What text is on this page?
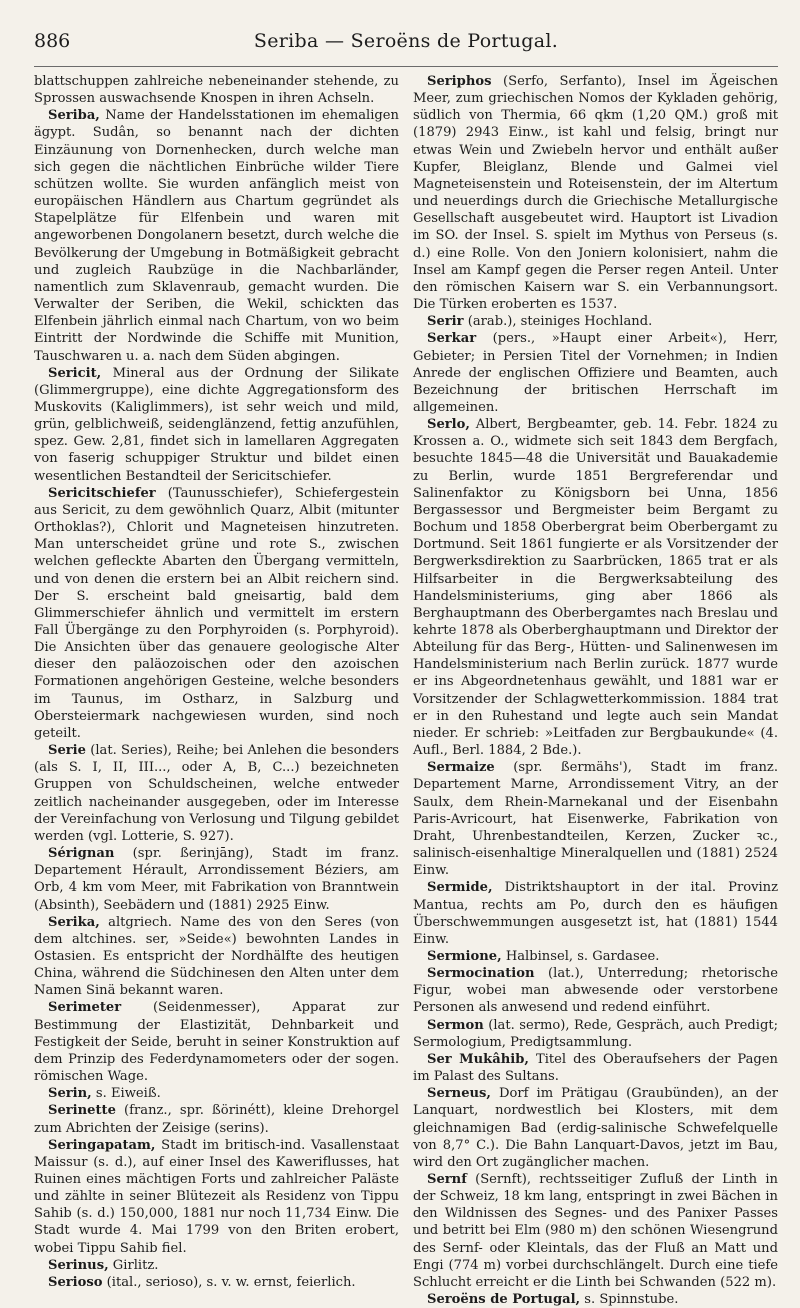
886	Seriba — Seroëns de Portugal.

blattschuppen zahlreiche nebeneinander stehende, zu Sprossen auswachsende Knospen in ihren Achseln.

Seriba, Name der Handelsstationen im ehemaligen ägypt. Sudân, so benannt nach der dichten Einzäunung von Dornenhecken, durch welche man sich gegen die nächtlichen Einbrüche wilder Tiere schützen wollte. Sie wurden anfänglich meist von europäischen Händlern aus Chartum gegründet als Stapelplätze für Elfenbein und waren mit angeworbenen Dongolanern besetzt, durch welche die Bevölkerung der Umgebung in Botmäßigkeit gebracht und zugleich Raubzüge in die Nachbarländer, namentlich zum Sklavenraub, gemacht wurden. Die Verwalter der Seriben, die Wekil, schickten das Elfenbein jährlich einmal nach Chartum, von wo beim Eintritt der Nordwinde die Schiffe mit Munition, Tauschwaren u. a. nach dem Süden abgingen.

Sericit, Mineral aus der Ordnung der Silikate (Glimmergruppe), eine dichte Aggregationsform des Muskovits (Kaliglimmers), ist sehr weich und mild, grün, gelblichweiß, seidenglänzend, fettig anzufühlen, spez. Gew. 2,81, findet sich in lamellaren Aggregaten von faserig schuppiger Struktur und bildet einen wesentlichen Bestandteil der Sericitschiefer.

Sericitschiefer (Taunusschiefer), Schiefergestein aus Sericit, zu dem gewöhnlich Quarz, Albit (mitunter Orthoklas?), Chlorit und Magneteisen hinzutreten. Man unterscheidet grüne und rote S., zwischen welchen gefleckte Abarten den Übergang vermitteln, und von denen die erstern bei an Albit reichern sind. Der S. erscheint bald gneisartig, bald dem Glimmerschiefer ähnlich und vermittelt im erstern Fall Übergänge zu den Porphyroiden (s. Porphyroid). Die Ansichten über das genauere geologische Alter dieser den paläozoischen oder den azoischen Formationen angehörigen Gesteine, welche besonders im Taunus, im Ostharz, in Salzburg und Obersteiermark nachgewiesen wurden, sind noch geteilt.

Serie (lat. Series), Reihe; bei Anlehen die besonders (als S. I, II, III..., oder A, B, C...) bezeichneten Gruppen von Schuldscheinen, welche entweder zeitlich nacheinander ausgegeben, oder im Interesse der Vereinfachung von Verlosung und Tilgung gebildet werden (vgl. Lotterie, S. 927).

Sérignan (spr. ßerinjāng), Stadt im franz. Departement Hérault, Arrondissement Béziers, am Orb, 4 km vom Meer, mit Fabrikation von Branntwein (Absinth), Seebädern und (1881) 2925 Einw.

Serika, altgriech. Name des von den Seres (von dem altchines. ser, »Seide«) bewohnten Landes in Ostasien. Es entspricht der Nordhälfte des heutigen China, während die Südchinesen den Alten unter dem Namen Sinä bekannt waren.

Serimeter (Seidenmesser), Apparat zur Bestimmung der Elastizität, Dehnbarkeit und Festigkeit der Seide, beruht in seiner Konstruktion auf dem Prinzip des Federdynamometers oder der sogen. römischen Wage.

Serin, s. Eiweiß.

Serinette (franz., spr. ßörinétt), kleine Drehorgel zum Abrichten der Zeisige (serins).

Seringapatam, Stadt im britisch-ind. Vasallenstaat Maissur (s. d.), auf einer Insel des Kaweriflusses, hat Ruinen eines mächtigen Forts und zahlreicher Paläste und zählte in seiner Blütezeit als Residenz von Tippu Sahib (s. d.) 150,000, 1881 nur noch 11,734 Einw. Die Stadt wurde 4. Mai 1799 von den Briten erobert, wobei Tippu Sahib fiel.

Serinus, Girlitz.

Serioso (ital., serioso), s. v. w. ernst, feierlich.

Seriphos (Serfo, Serfanto), Insel im Ägeischen Meer, zum griechischen Nomos der Kykladen gehörig, südlich von Thermia, 66 qkm (1,20 QM.) groß mit (1879) 2943 Einw., ist kahl und felsig, bringt nur etwas Wein und Zwiebeln hervor und enthält außer Kupfer, Bleiglanz, Blende und Galmei viel Magneteisenstein und Roteisenstein, der im Altertum und neuerdings durch die Griechische Metallurgische Gesellschaft ausgebeutet wird. Hauptort ist Livadion im SO. der Insel. S. spielt im Mythus von Perseus (s. d.) eine Rolle. Von den Joniern kolonisiert, nahm die Insel am Kampf gegen die Perser regen Anteil. Unter den römischen Kaisern war S. ein Verbannungsort. Die Türken eroberten es 1537.

Serir (arab.), steiniges Hochland.

Serkar (pers., »Haupt einer Arbeit«), Herr, Gebieter; in Persien Titel der Vornehmen; in Indien Anrede der englischen Offiziere und Beamten, auch Bezeichnung der britischen Herrschaft im allgemeinen.

Serlo, Albert, Bergbeamter, geb. 14. Febr. 1824 zu Krossen a. O., widmete sich seit 1843 dem Bergfach, besuchte 1845—48 die Universität und Bauakademie zu Berlin, wurde 1851 Bergreferendar und Salinenfaktor zu Königsborn bei Unna, 1856 Bergassessor und Bergmeister beim Bergamt zu Bochum und 1858 Oberbergrat beim Oberbergamt zu Dortmund. Seit 1861 fungierte er als Vorsitzender der Bergwerksdirektion zu Saarbrücken, 1865 trat er als Hilfsarbeiter in die Bergwerksabteilung des Handelsministeriums, ging aber 1866 als Berghauptmann des Oberbergamtes nach Breslau und kehrte 1878 als Oberberghauptmann und Direktor der Abteilung für das Berg-, Hütten- und Salinenwesen im Handelsministerium nach Berlin zurück. 1877 wurde er ins Abgeordnetenhaus gewählt, und 1881 war er Vorsitzender der Schlagwetterkommission. 1884 trat er in den Ruhestand und legte auch sein Mandat nieder. Er schrieb: »Leitfaden zur Bergbaukunde« (4. Aufl., Berl. 1884, 2 Bde.).

Sermaize (spr. ßermähs'), Stadt im franz. Departement Marne, Arrondissement Vitry, an der Saulx, dem Rhein-Marnekanal und der Eisenbahn Paris-Avricourt, hat Eisenwerke, Fabrikation von Draht, Uhrenbestandteilen, Kerzen, Zucker ꝛc., salinisch-eisenhaltige Mineralquellen und (1881) 2524 Einw.

Sermide, Distriktshauptort in der ital. Provinz Mantua, rechts am Po, durch den es häufigen Überschwemmungen ausgesetzt ist, hat (1881) 1544 Einw.

Sermione, Halbinsel, s. Gardasee.

Sermocination (lat.), Unterredung; rhetorische Figur, wobei man abwesende oder verstorbene Personen als anwesend und redend einführt.

Sermon (lat. sermo), Rede, Gespräch, auch Predigt; Sermologium, Predigtsammlung.

Ser Mukâhib, Titel des Oberaufsehers der Pagen im Palast des Sultans.

Serneus, Dorf im Prätigau (Graubünden), an der Lanquart, nordwestlich bei Klosters, mit dem gleichnamigen Bad (erdig-salinische Schwefelquelle von 8,7° C.). Die Bahn Lanquart-Davos, jetzt im Bau, wird den Ort zugänglicher machen.

Sernf (Sernft), rechtsseitiger Zufluß der Linth in der Schweiz, 18 km lang, entspringt in zwei Bächen in den Wildnissen des Segnes- und des Panixer Passes und betritt bei Elm (980 m) den schönen Wiesengrund des Sernf- oder Kleintals, das der Fluß an Matt und Engi (774 m) vorbei durchschlängelt. Durch eine tiefe Schlucht erreicht er die Linth bei Schwanden (522 m).

Seroëns de Portugal, s. Spinnstube.
